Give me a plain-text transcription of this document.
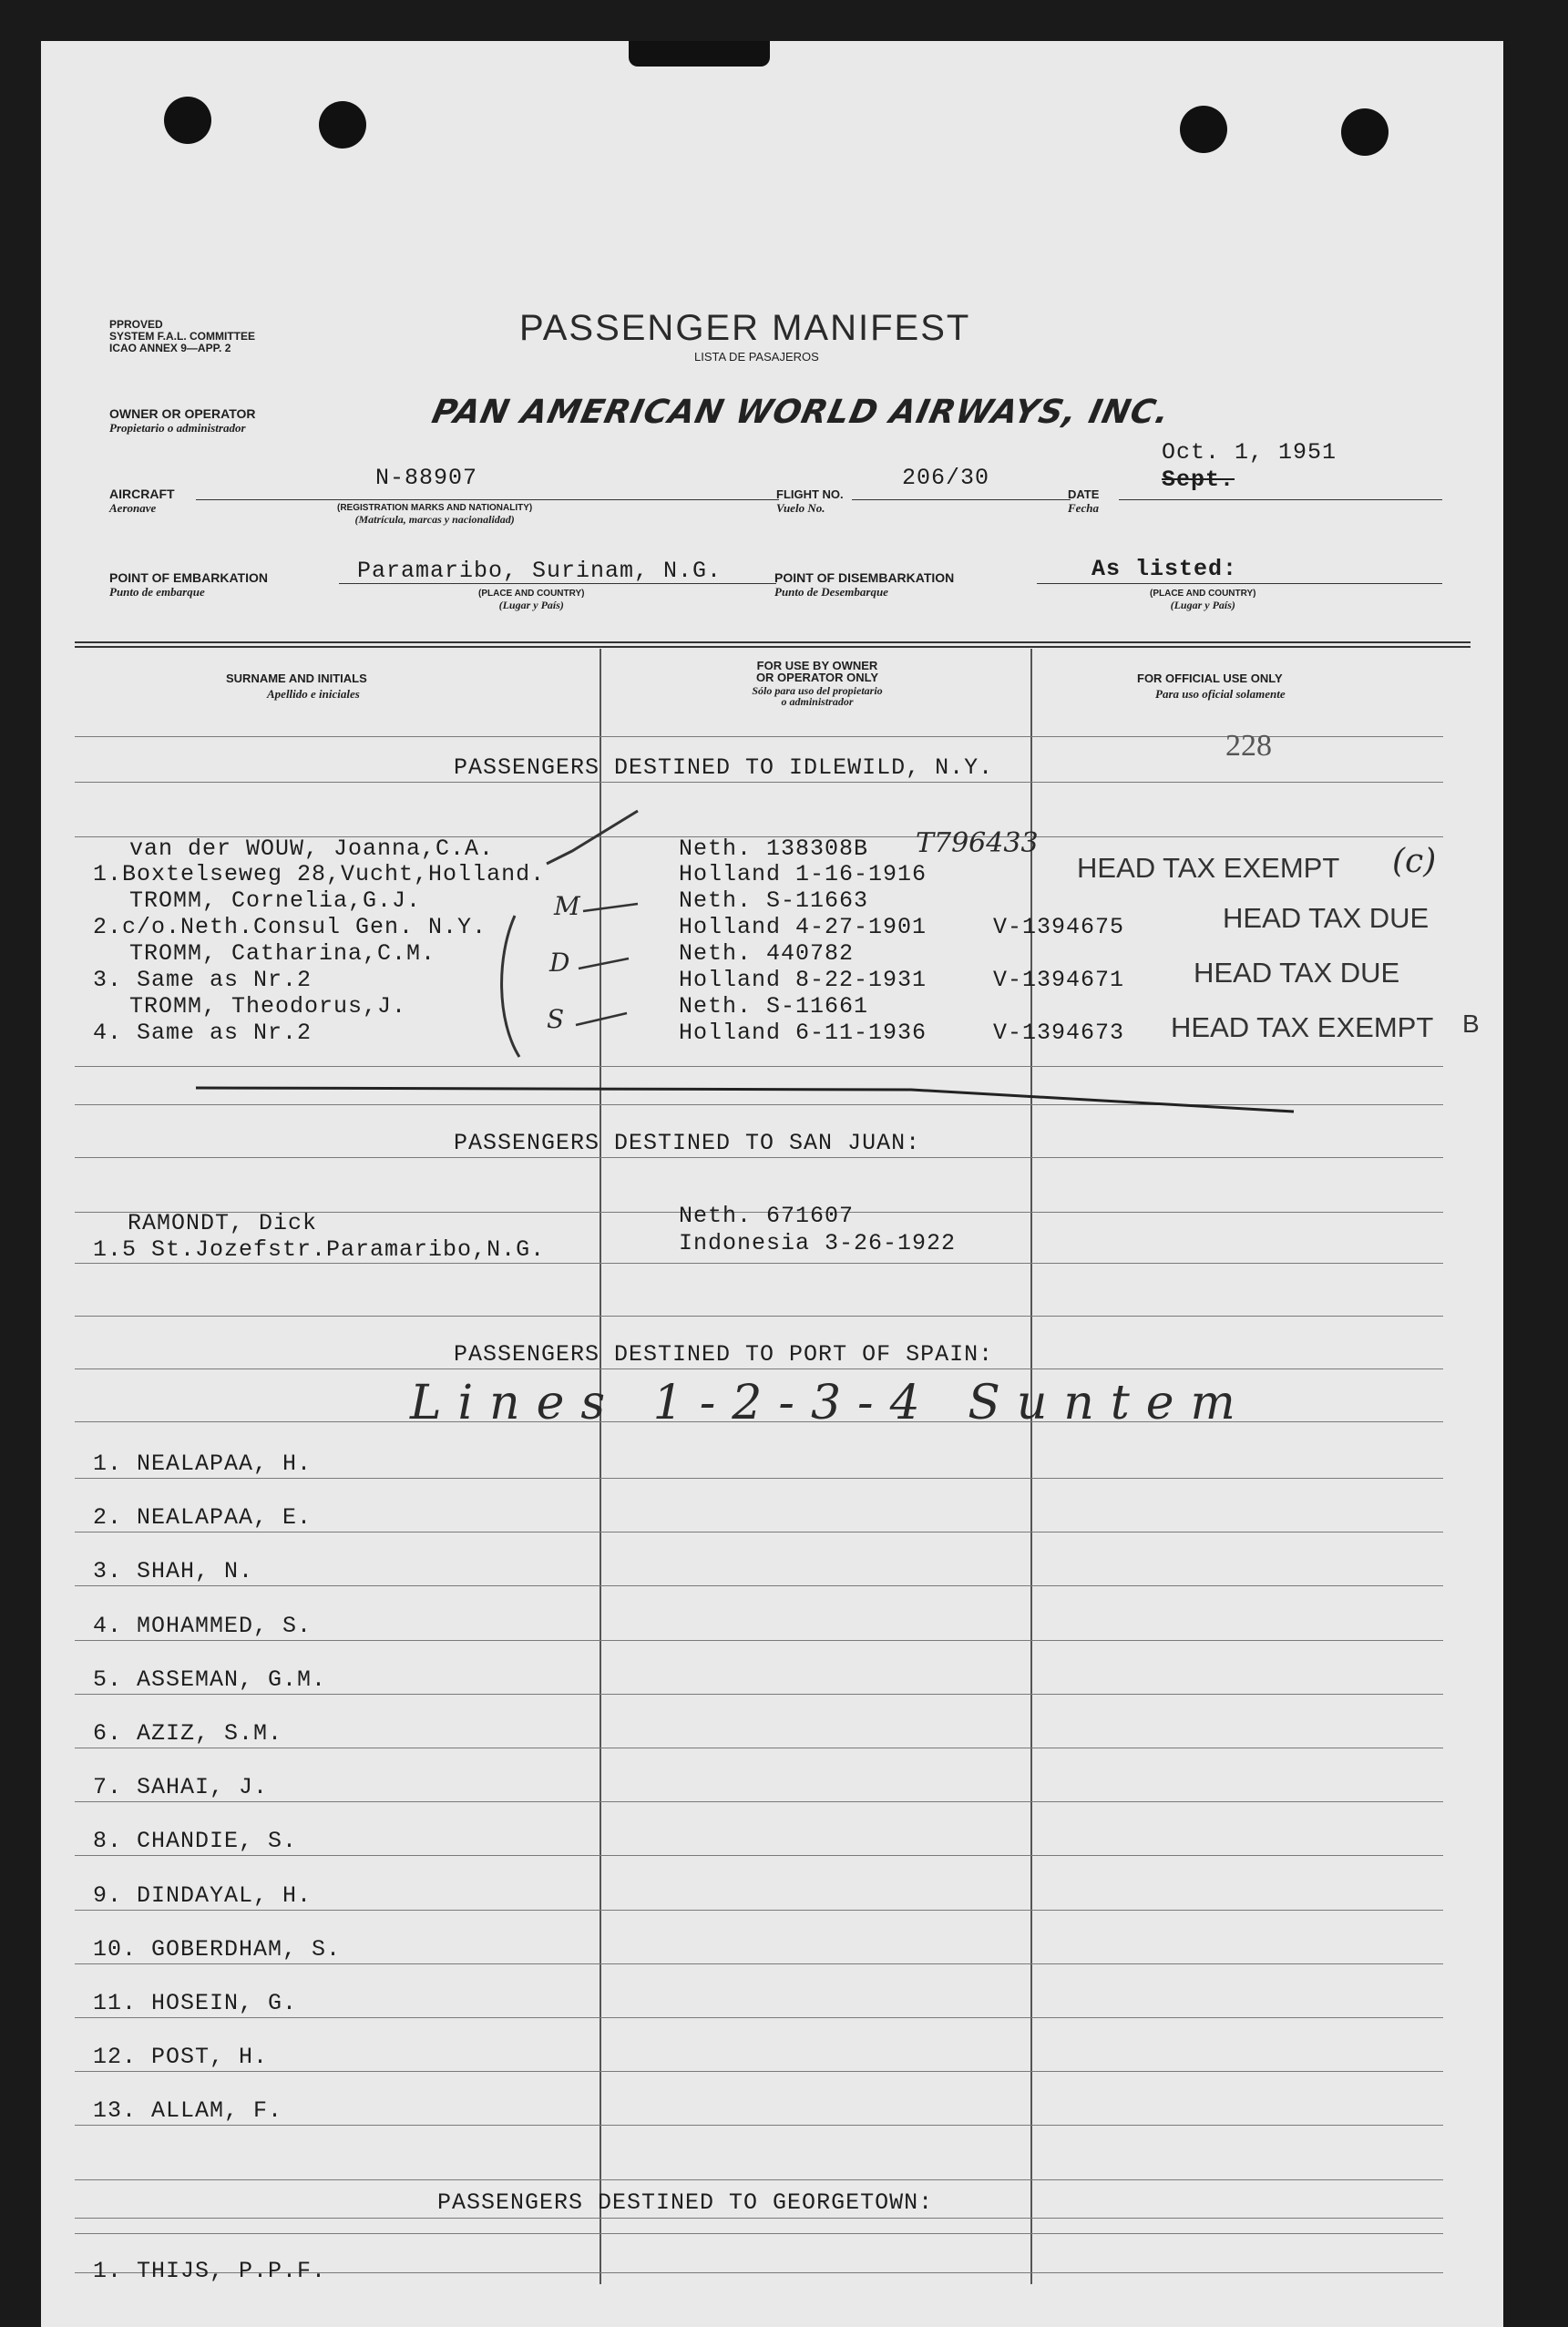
PPROVED
SYSTEM F.A.L. COMMITTEE
ICAO ANNEX 9—APP. 2	PASSENGER MANIFEST
LISTA DE PASAJEROS
OWNER OR OPERATOR
Propietario o administrador	PAN AMERICAN WORLD AIRWAYS, INC.
Oct. 1, 1951
Sept.
AIRCRAFT
Aeronave
N-88907
(REGISTRATION MARKS AND NATIONALITY)
(Matrícula, marcas y nacionalidad)
FLIGHT NO.
Vuelo No.
206/30
DATE
Fecha
POINT OF EMBARKATION
Punto de embarque
Paramaribo, Surinam, N.G.
(PLACE AND COUNTRY)
(Lugar y País)
POINT OF DISEMBARKATION
Punto de Desembarque
As listed:
(PLACE AND COUNTRY)
(Lugar y País)
SURNAME AND INITIALS
Apellido e iniciales
FOR USE BY OWNER
OR OPERATOR ONLY
Sólo para uso del propietario
o administrador
FOR OFFICIAL USE ONLY
Para uso oficial solamente
228
PASSENGERS DESTINED TO IDLEWILD, N.Y.
van der WOUW, Joanna,C.A.
1.Boxtelseweg 28,Vucht,Holland.
Neth. 138308B
Holland 1-16-1916
T796433
HEAD TAX EXEMPT (c)
TROMM, Cornelia,G.J.
2.c/o.Neth.Consul Gen. N.Y.
Neth. S-11663
Holland 4-27-1901	V-1394675	HEAD TAX DUE
TROMM, Catharina,C.M.
3. Same as Nr.2
Neth. 440782
Holland 8-22-1931	V-1394671 HEAD TAX DUE
TROMM, Theodorus,J.
4. Same as Nr.2
Neth. S-11661
Holland 6-11-1936	V-1394673 HEAD TAX EXEMPT B
M
D
S
PASSENGERS DESTINED TO SAN JUAN:
RAMONDT, Dick
1.5 St.Jozefstr.Paramaribo,N.G.
Neth. 671607
Indonesia 3-26-1922
PASSENGERS DESTINED TO PORT OF SPAIN:
Lines 1-2-3-4 Suntem
1. NEALAPAA, H.
2. NEALAPAA, E.
3. SHAH, N.
4. MOHAMMED, S.
5. ASSEMAN, G.M.
6. AZIZ, S.M.
7. SAHAI, J.
8. CHANDIE, S.
9. DINDAYAL, H.
10. GOBERDHAM, S.
11. HOSEIN, G.
12. POST, H.
13. ALLAM, F.
PASSENGERS DESTINED TO GEORGETOWN:
1. THIJS, P.P.F.
